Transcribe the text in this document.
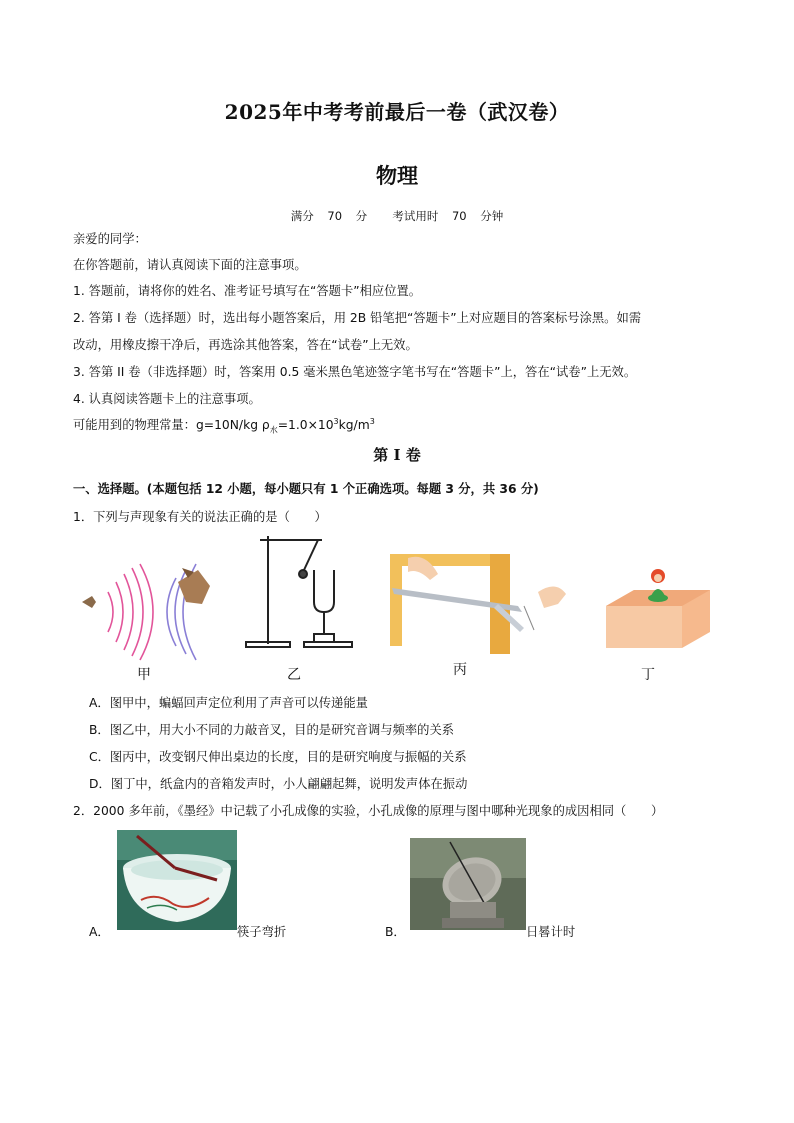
2025年中考考前最后一卷（武汉卷）
物理
满分 70 分　 考试用时 70 分钟
亲爱的同学：
在你答题前，请认真阅读下面的注意事项。
1. 答题前，请将你的姓名、准考证号填写在“答题卡”相应位置。
2. 答第 I 卷（选择题）时，选出每小题答案后，用 2B 铅笔把“答题卡”上对应题目的答案标号涂黑。如需
改动，用橡皮擦干净后，再选涂其他答案，答在“试卷”上无效。
3. 答第 II 卷（非选择题）时，答案用 0.5 毫米黑色笔迹签字笔书写在“答题卡”上，答在“试卷”上无效。
4. 认真阅读答题卡上的注意事项。
可能用到的物理常量：g=10N/kg $\rho_水=1.0\times 10^3kg/m^3$
第 I 卷
一、选择题。(本题包括 12 小题，每小题只有 1 个正确选项。每题 3 分，共 36 分)
1．下列与声现象有关的说法正确的是（　　）
甲	乙	丙	丁
A．图甲中，蝙蝠回声定位利用了声音可以传递能量
B．图乙中，用大小不同的力敲音叉，目的是研究音调与频率的关系
C．图丙中，改变钢尺伸出桌边的长度，目的是研究响度与振幅的关系
D．图丁中，纸盒内的音箱发声时，小人翩翩起舞，说明发声体在振动
2．2000 多年前，《墨经》中记载了小孔成像的实验，小孔成像的原理与图中哪种光现象的成因相同（　　）
A．	筷子弯折	B．	日晷计时
